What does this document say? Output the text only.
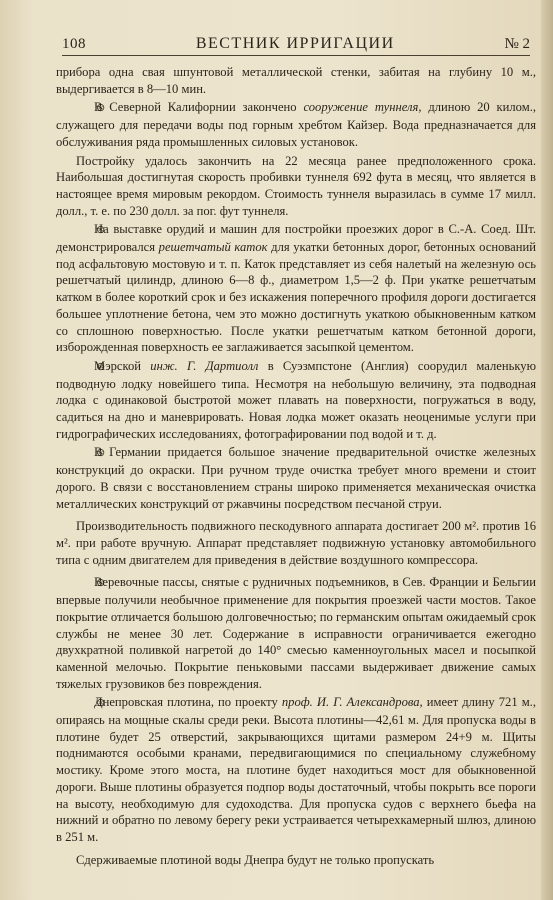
108	ВЕСТНИК ИРРИГАЦИИ	№ 2

прибора одна свая шпунтовой металлической стенки, забитая на глубину 10 м., выдергивается в 8—10 мин.

⊛В Северной Калифорнии закончено сооружение туннеля, длиною 20 килом., служащего для передачи воды под горным хребтом Кайзер. Вода предназначается для обслуживания ряда промышленных силовых установок.

Постройку удалось закончить на 22 месяца ранее предположенного срока. Наибольшая достигнутая скорость пробивки туннеля 692 фута в месяц, что является в настоящее время мировым рекордом. Стоимость туннеля выразилась в сумме 17 милл. долл., т. е. по 230 долл. за пог. фут туннеля.

⊛На выставке орудий и машин для постройки проезжих дорог в С.-А. Соед. Шт. демонстрировался решетчатый каток для укатки бетонных дорог, бетонных оснований под асфальтовую мостовую и т. п. Каток представляет из себя налетый на железную ось решетчатый цилиндр, длиною 6—8 ф., диаметром 1,5—2 ф. При укатке решетчатым катком в более короткий срок и без искажения поперечного профиля дороги достигается большее уплотнение бетона, чем это можно достигнуть укаткою обыкновенным катком со сплошною поверхностью. После укатки решетчатым катком бетонной дороги, изборожденная поверхность ее заглаживается засыпкой цементом.

⊛Мэрской инж. Г. Дартиолл в Суэзмпстоне (Англия) соорудил маленькую подводную лодку новейшего типа. Несмотря на небольшую величину, эта подводная лодка с одинаковой быстротой может плавать на поверхности, погружаться в воду, садиться на дно и маневрировать. Новая лодка может оказать неоценимые услуги при гидрографических исследованиях, фотографировании под водой и т. д.

⊛В Германии придается большое значение предварительной очистке железных конструкций до окраски. При ручном труде очистка требует много времени и стоит дорого. В связи с восстановлением страны широко применяется механическая очистка металлических конструкций от ржавчины посредством песчаной струи.

Производительность подвижного пескодувного аппарата достигает 200 м². против 16 м². при работе вручную. Аппарат представляет подвижную установку автомобильного типа с одним двигателем для приведения в действие воздушного компрессора.

⊛Веревочные пассы, снятые с рудничных подъемников, в Сев. Франции и Бельгии впервые получили необычное применение для покрытия проезжей части мостов. Такое покрытие отличается большою долговечностью; по германским опытам ожидаемый срок службы не менее 30 лет. Содержание в исправности ограничивается ежегодно двухкратной поливкой нагретой до 140° смесью каменноугольных масел и посыпкой каменной мелочью. Покрытие пеньковыми пассами выдерживает движение самых тяжелых грузовиков без повреждения.

⊛Днепровская плотина, по проекту проф. И. Г. Александрова, имеет длину 721 м., опираясь на мощные скалы среди реки. Высота плотины—42,61 м. Для пропуска воды в плотине будет 25 отверстий, закрывающихся щитами размером 24+9 м. Щиты поднимаются особыми кранами, передвигающимися по специальному служебному мостику. Кроме этого моста, на плотине будет находиться мост для обыкновенной дороги. Выше плотины образуется подпор воды достаточный, чтобы покрыть все пороги на высоту, необходимую для судоходства. Для пропуска судов с верхнего бьефа на нижний и обратно по левому берегу реки устраивается четырехкамерный шлюз, длиною в 251 м.

Сдерживаемые плотиной воды Днепра будут не только пропускать
